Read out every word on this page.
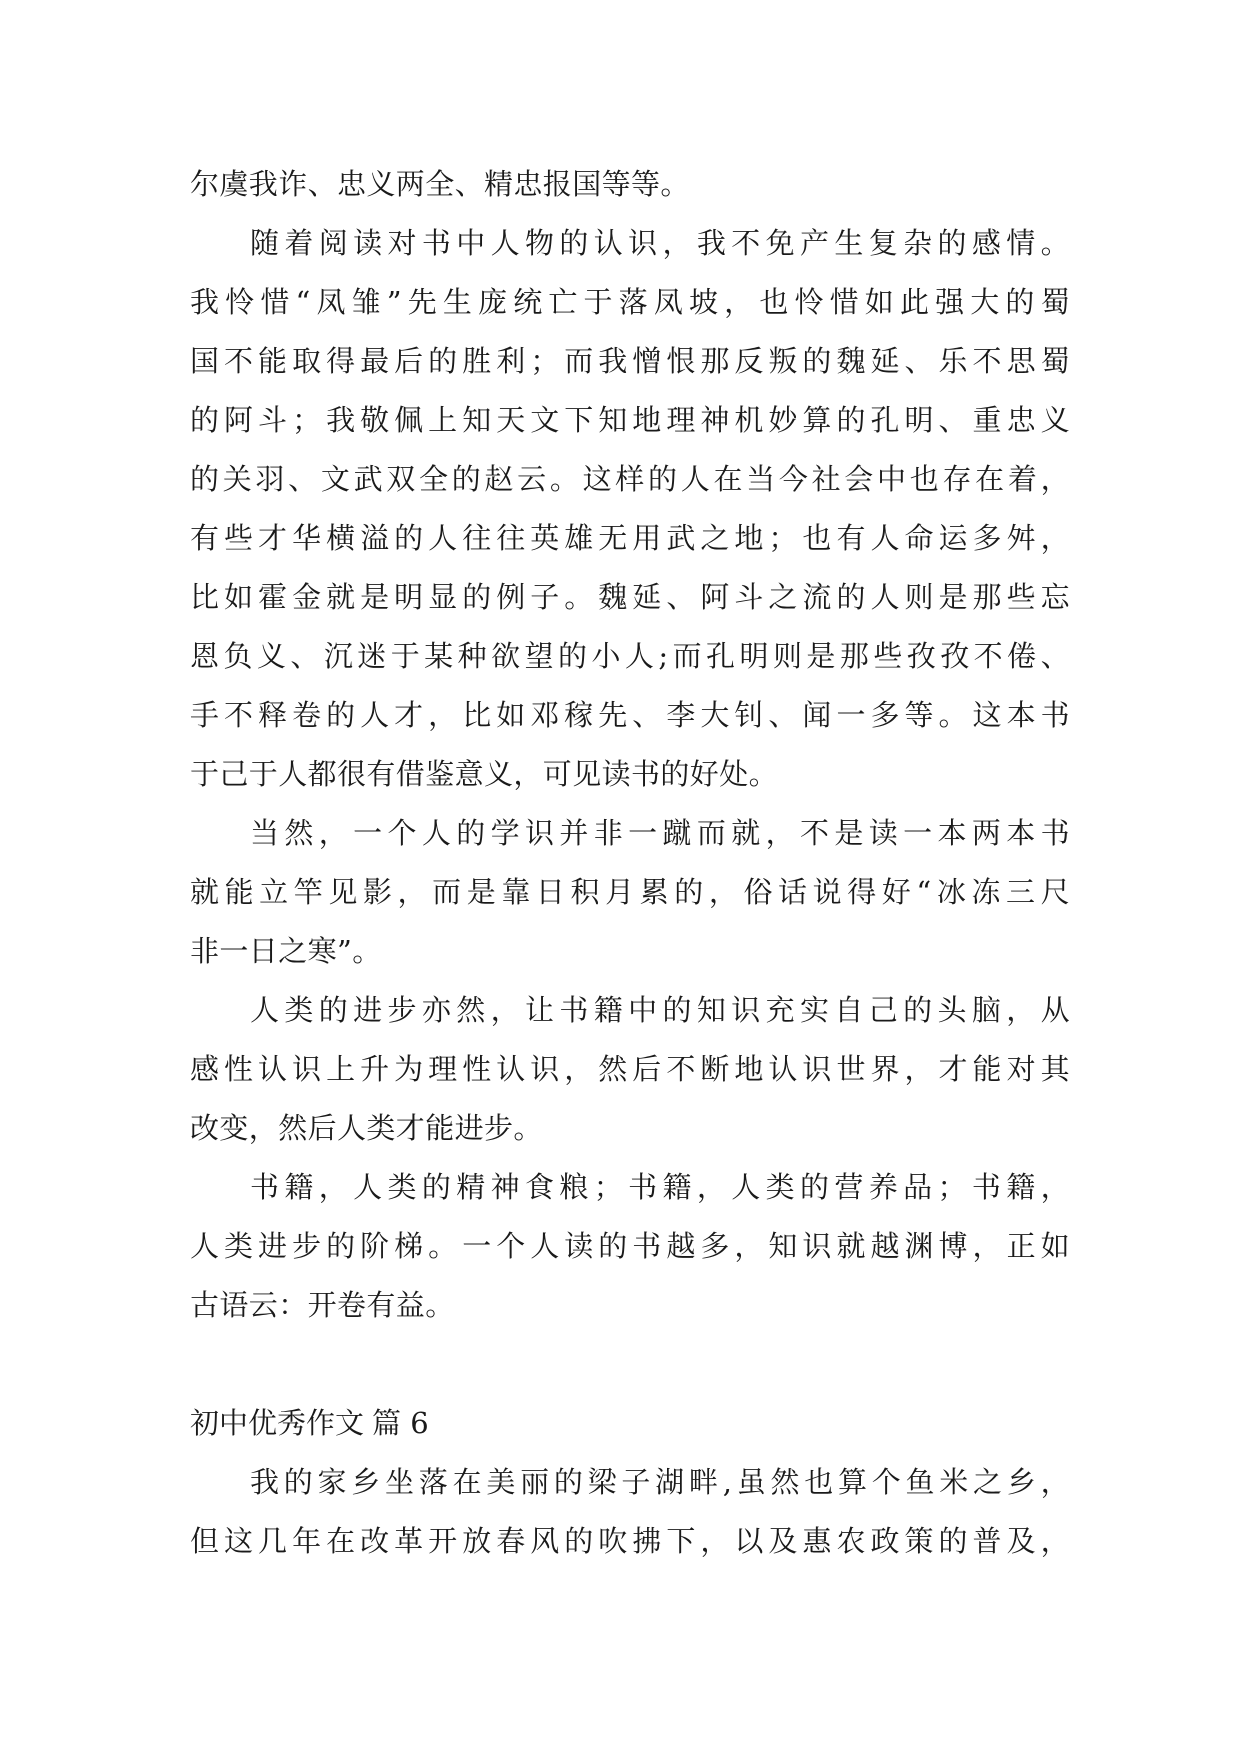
尔虞我诈、忠义两全、精忠报国等等。
随着阅读对书中人物的认识，我不免产生复杂的感情。
我怜惜“凤雏”先生庞统亡于落凤坡，也怜惜如此强大的蜀
国不能取得最后的胜利；而我憎恨那反叛的魏延、乐不思蜀
的阿斗；我敬佩上知天文下知地理神机妙算的孔明、重忠义
的关羽、文武双全的赵云。这样的人在当今社会中也存在着，
有些才华横溢的人往往英雄无用武之地；也有人命运多舛，
比如霍金就是明显的例子。魏延、阿斗之流的人则是那些忘
恩负义、沉迷于某种欲望的小人;而孔明则是那些孜孜不倦、
手不释卷的人才，比如邓稼先、李大钊、闻一多等。这本书
于己于人都很有借鉴意义，可见读书的好处。
当然，一个人的学识并非一蹴而就，不是读一本两本书
就能立竿见影，而是靠日积月累的，俗话说得好“冰冻三尺
非一日之寒”。
人类的进步亦然，让书籍中的知识充实自己的头脑，从
感性认识上升为理性认识，然后不断地认识世界，才能对其
改变，然后人类才能进步。
书籍，人类的精神食粮；书籍，人类的营养品；书籍，
人类进步的阶梯。一个人读的书越多，知识就越渊博，正如
古语云：开卷有益。
初中优秀作文 篇 6
我的家乡坐落在美丽的梁子湖畔,虽然也算个鱼米之乡，
但这几年在改革开放春风的吹拂下，以及惠农政策的普及，
